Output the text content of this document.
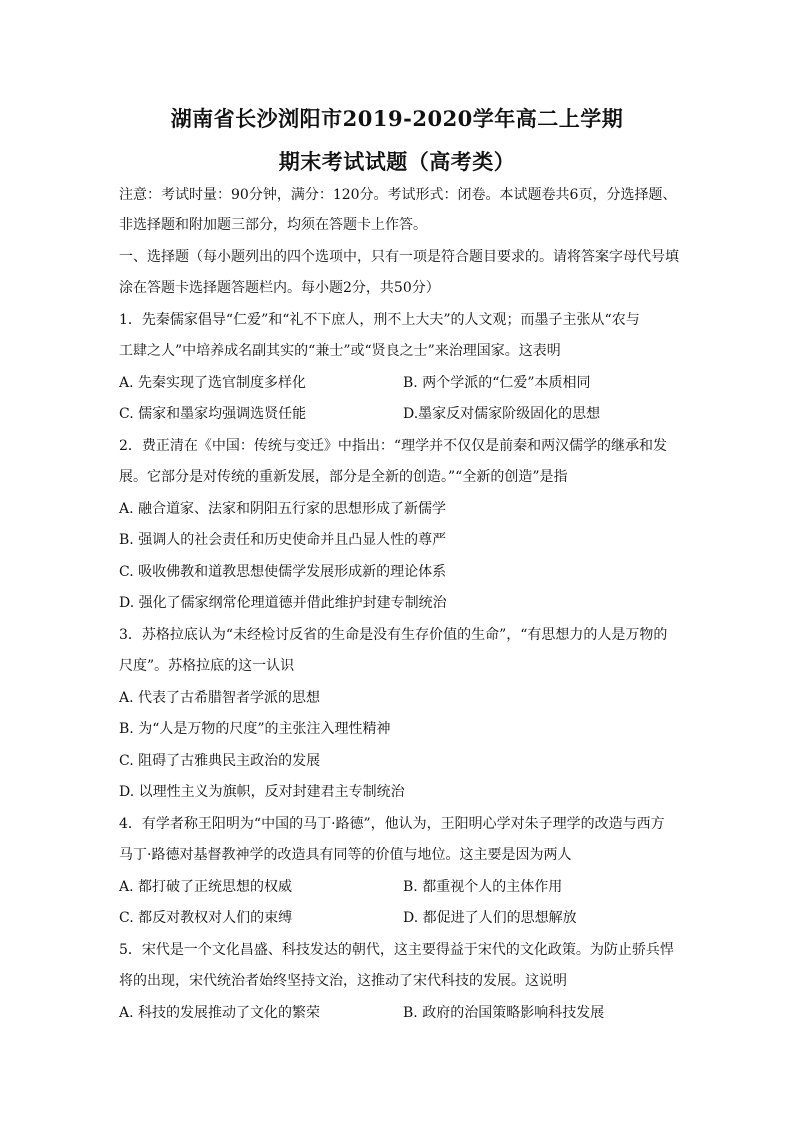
湖南省长沙浏阳市2019-2020学年高二上学期
期末考试试题（高考类）
注意：考试时量：90分钟，满分：120分。考试形式：闭卷。本试题卷共6页，分选择题、
非选择题和附加题三部分，均须在答题卡上作答。
一、选择题（每小题列出的四个选项中，只有一项是符合题目要求的。请将答案字母代号填
涂在答题卡选择题答题栏内。每小题2分，共50分）
1．先秦儒家倡导“仁爱”和“礼不下庶人，刑不上大夫”的人文观；而墨子主张从“农与
工肆之人”中培养成名副其实的“兼士”或“贤良之士”来治理国家。这表明
A. 先秦实现了选官制度多样化	B. 两个学派的“仁爱”本质相同
C. 儒家和墨家均强调选贤任能	D.墨家反对儒家阶级固化的思想
2．费正清在《中国：传统与变迁》中指出：“理学并不仅仅是前秦和两汉儒学的继承和发
展。它部分是对传统的重新发展，部分是全新的创造。”“全新的创造”是指
A. 融合道家、法家和阴阳五行家的思想形成了新儒学
B. 强调人的社会责任和历史使命并且凸显人性的尊严
C. 吸收佛教和道教思想使儒学发展形成新的理论体系
D. 强化了儒家纲常伦理道德并借此维护封建专制统治
3．苏格拉底认为“未经检讨反省的生命是没有生存价值的生命”，“有思想力的人是万物的
尺度”。苏格拉底的这一认识
A. 代表了古希腊智者学派的思想
B. 为“人是万物的尺度”的主张注入理性精神
C. 阻碍了古雅典民主政治的发展
D. 以理性主义为旗帜，反对封建君主专制统治
4．有学者称王阳明为“中国的马丁·路德”，他认为，王阳明心学对朱子理学的改造与西方
马丁·路德对基督教神学的改造具有同等的价值与地位。这主要是因为两人
A. 都打破了正统思想的权威	B. 都重视个人的主体作用
C. 都反对教权对人们的束缚	D. 都促进了人们的思想解放
5．宋代是一个文化昌盛、科技发达的朝代，这主要得益于宋代的文化政策。为防止骄兵悍
将的出现，宋代统治者始终坚持文治，这推动了宋代科技的发展。这说明
A. 科技的发展推动了文化的繁荣	B. 政府的治国策略影响科技发展
